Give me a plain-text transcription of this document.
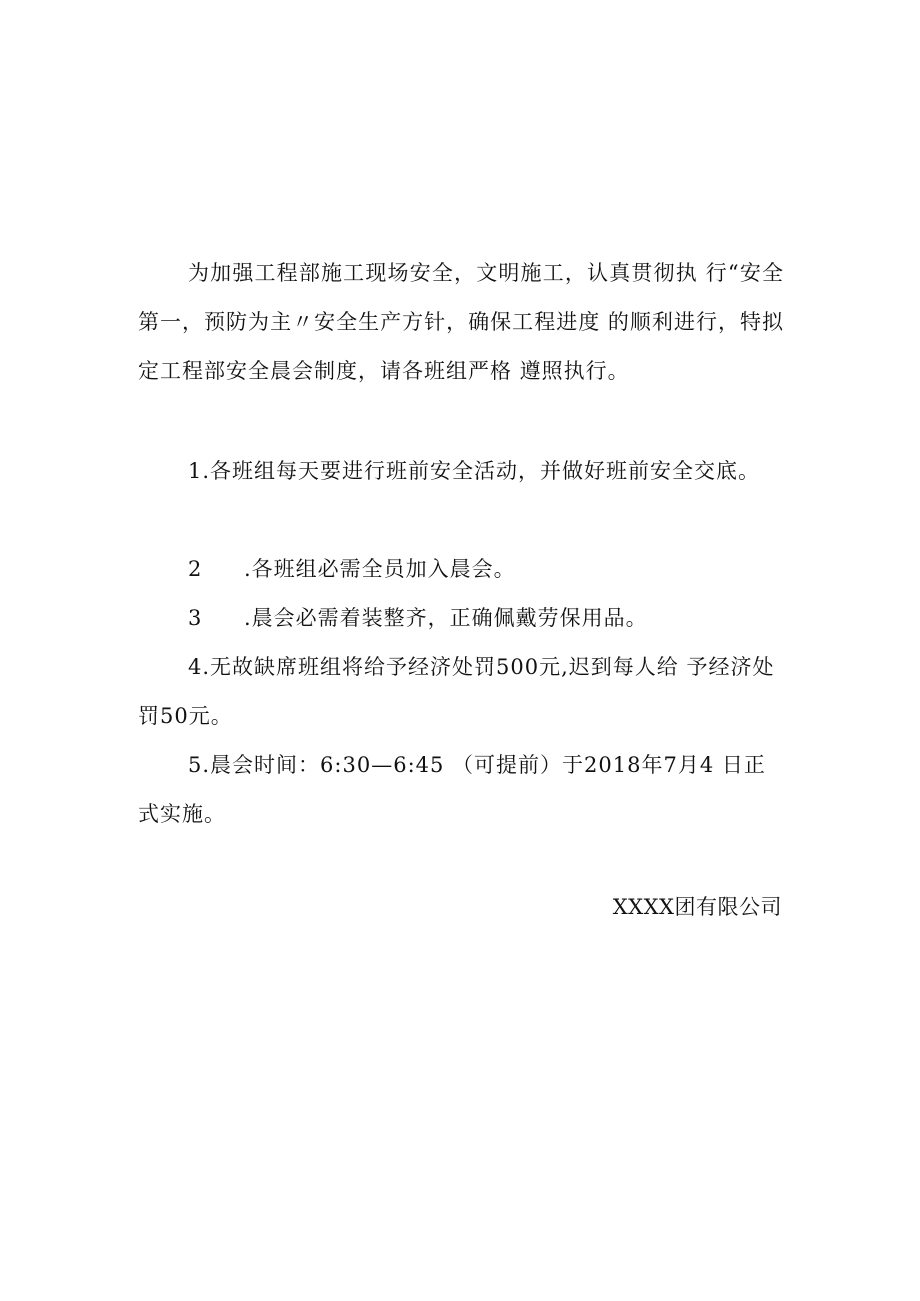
为加强工程部施工现场安全，文明施工，认真贯彻执 行“安全第一，预防为主〃安全生产方针，确保工程进度 的顺利进行，特拟定工程部安全晨会制度，请各班组严格 遵照执行。

1.各班组每天要进行班前安全活动，并做好班前安全交底。

2 .各班组必需全员加入晨会。

3 .晨会必需着装整齐，正确佩戴劳保用品。

4.无故缺席班组将给予经济处罚500元,迟到每人给 予经济处罚50元。

5.晨会时间：6:30—6:45 （可提前）于2018年7月4 日正式实施。

XXXX团有限公司
